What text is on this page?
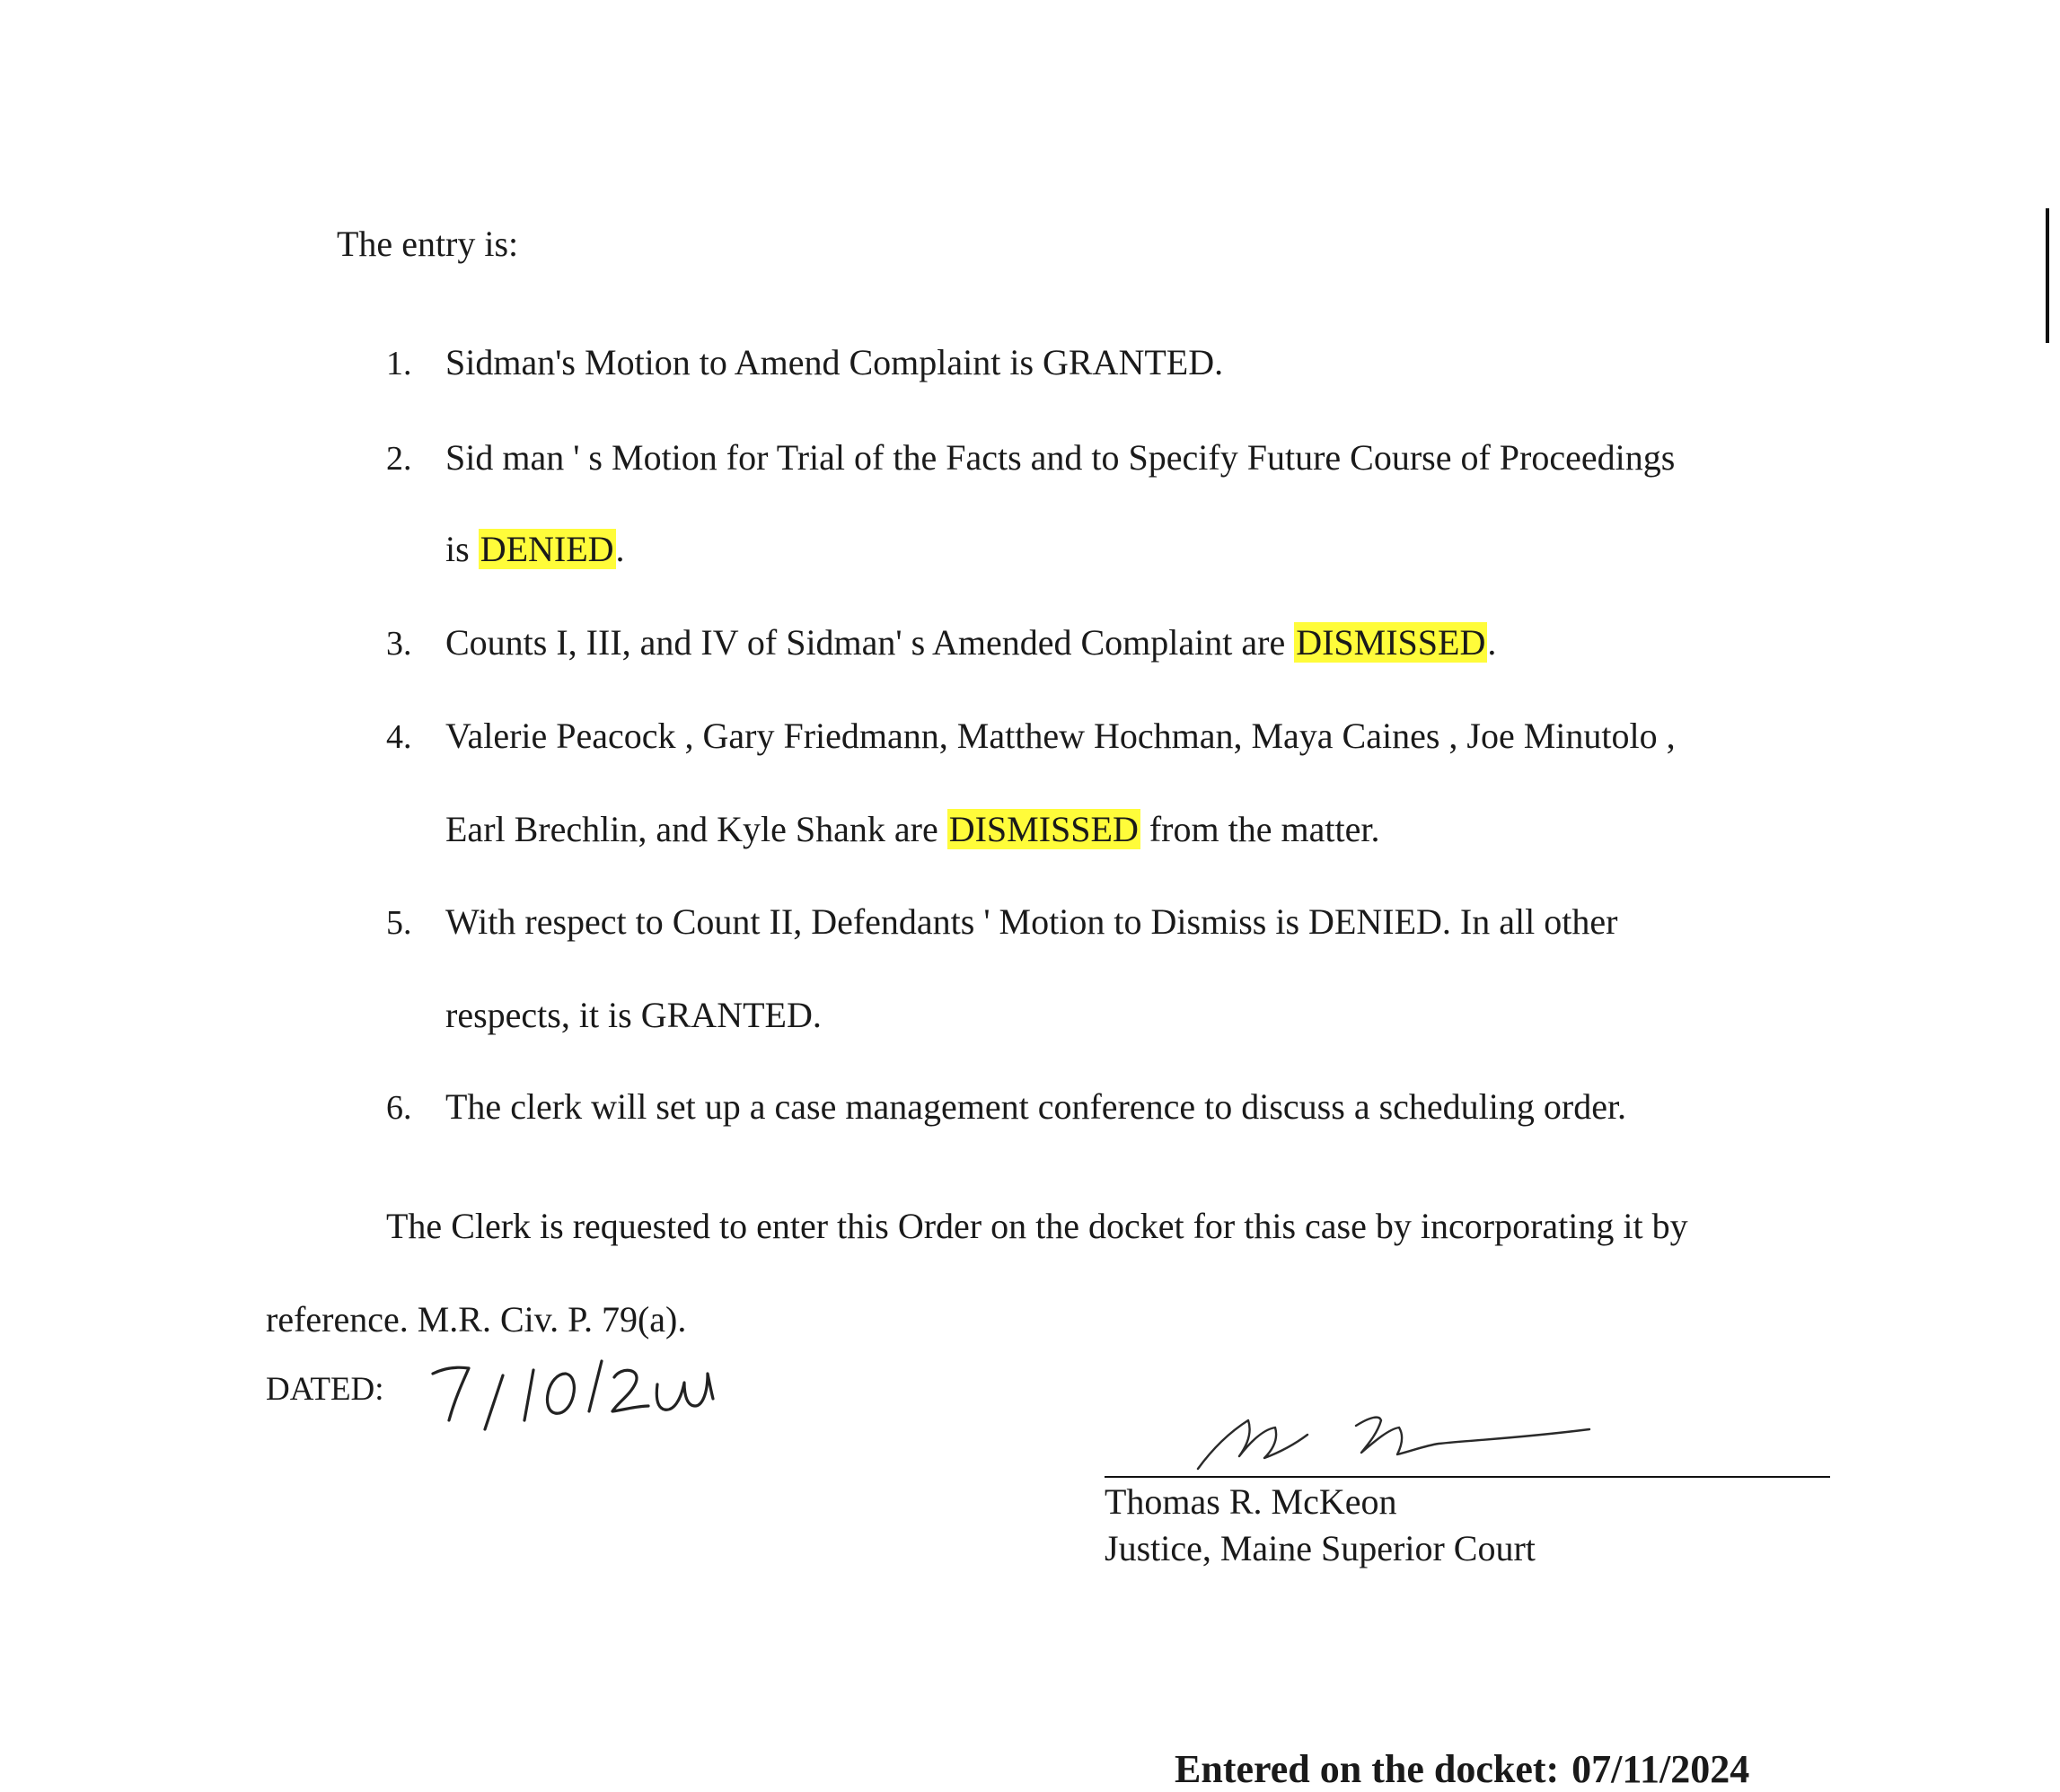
The entry is:
1. Sidman's Motion to Amend Complaint is GRANTED.
2. Sid man ' s Motion for Trial of the Facts and to Specify Future Course of Proceedings
is DENIED.
3. Counts I, III, and IV of Sidman' s Amended Complaint are DISMISSED.
4. Valerie Peacock , Gary Friedmann, Matthew Hochman, Maya Caines , Joe Minutolo ,
Earl Brechlin, and Kyle Shank are DISMISSED from the matter.
5. With respect to Count II, Defendants ' Motion to Dismiss is DENIED. In all other
respects, it is GRANTED.
6. The clerk will set up a case management conference to discuss a scheduling order.
The Clerk is requested to enter this Order on the docket for this case by incorporating it by
reference. M.R. Civ. P. 79(a).
DATED:
Thomas R. McKeon
Justice, Maine Superior Court
Entered on the docket: 07/11/2024
